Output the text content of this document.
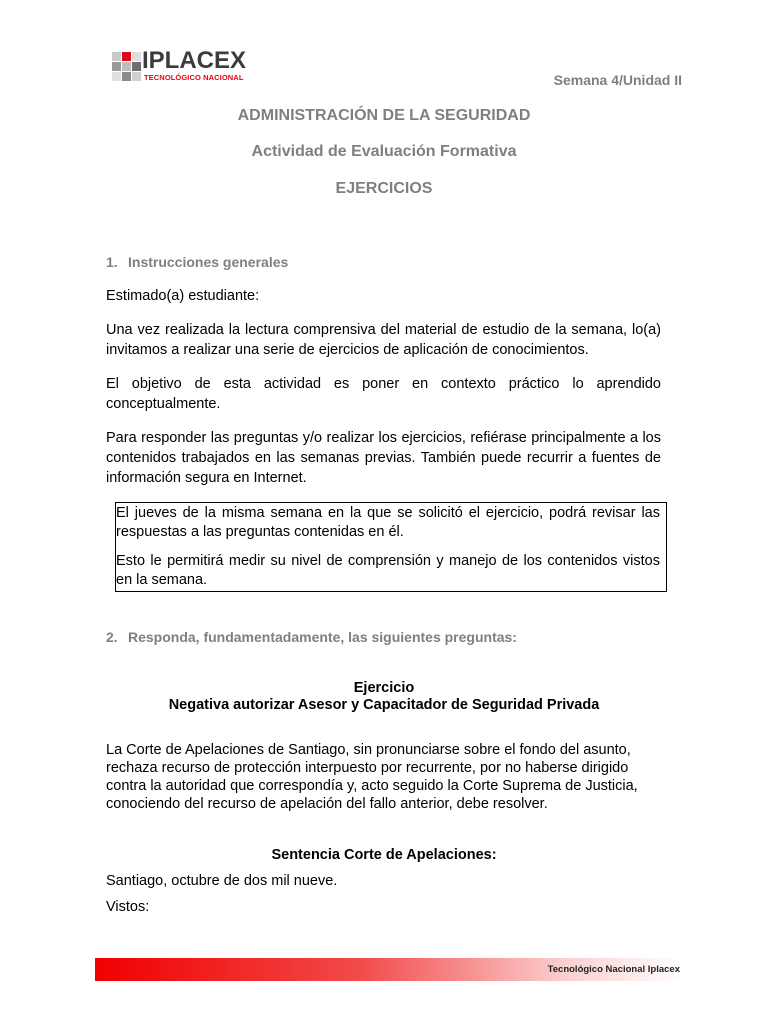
IPLACEX
TECNOLÓGICO NACIONAL	Semana 4/Unidad II
ADMINISTRACIÓN DE LA SEGURIDAD
Actividad de Evaluación Formativa
EJERCICIOS
1. Instrucciones generales
Estimado(a) estudiante:
Una vez realizada la lectura comprensiva del material de estudio de la semana, lo(a) invitamos a realizar una serie de ejercicios de aplicación de conocimientos.
El objetivo de esta actividad es poner en contexto práctico lo aprendido conceptualmente.
Para responder las preguntas y/o realizar los ejercicios, refiérase principalmente a los contenidos trabajados en las semanas previas. También puede recurrir a fuentes de información segura en Internet.

El jueves de la misma semana en la que se solicitó el ejercicio, podrá revisar las respuestas a las preguntas contenidas en él.

Esto le permitirá medir su nivel de comprensión y manejo de los contenidos vistos en la semana.

2. Responda, fundamentadamente, las siguientes preguntas:
Ejercicio
Negativa autorizar Asesor y Capacitador de Seguridad Privada
La Corte de Apelaciones de Santiago, sin pronunciarse sobre el fondo del asunto, rechaza recurso de protección interpuesto por recurrente, por no haberse dirigido contra la autoridad que correspondía y, acto seguido la Corte Suprema de Justicia, conociendo del recurso de apelación del fallo anterior, debe resolver.
Sentencia Corte de Apelaciones:
Santiago, octubre de dos mil nueve.
Vistos:
Tecnológico Nacional Iplacex
